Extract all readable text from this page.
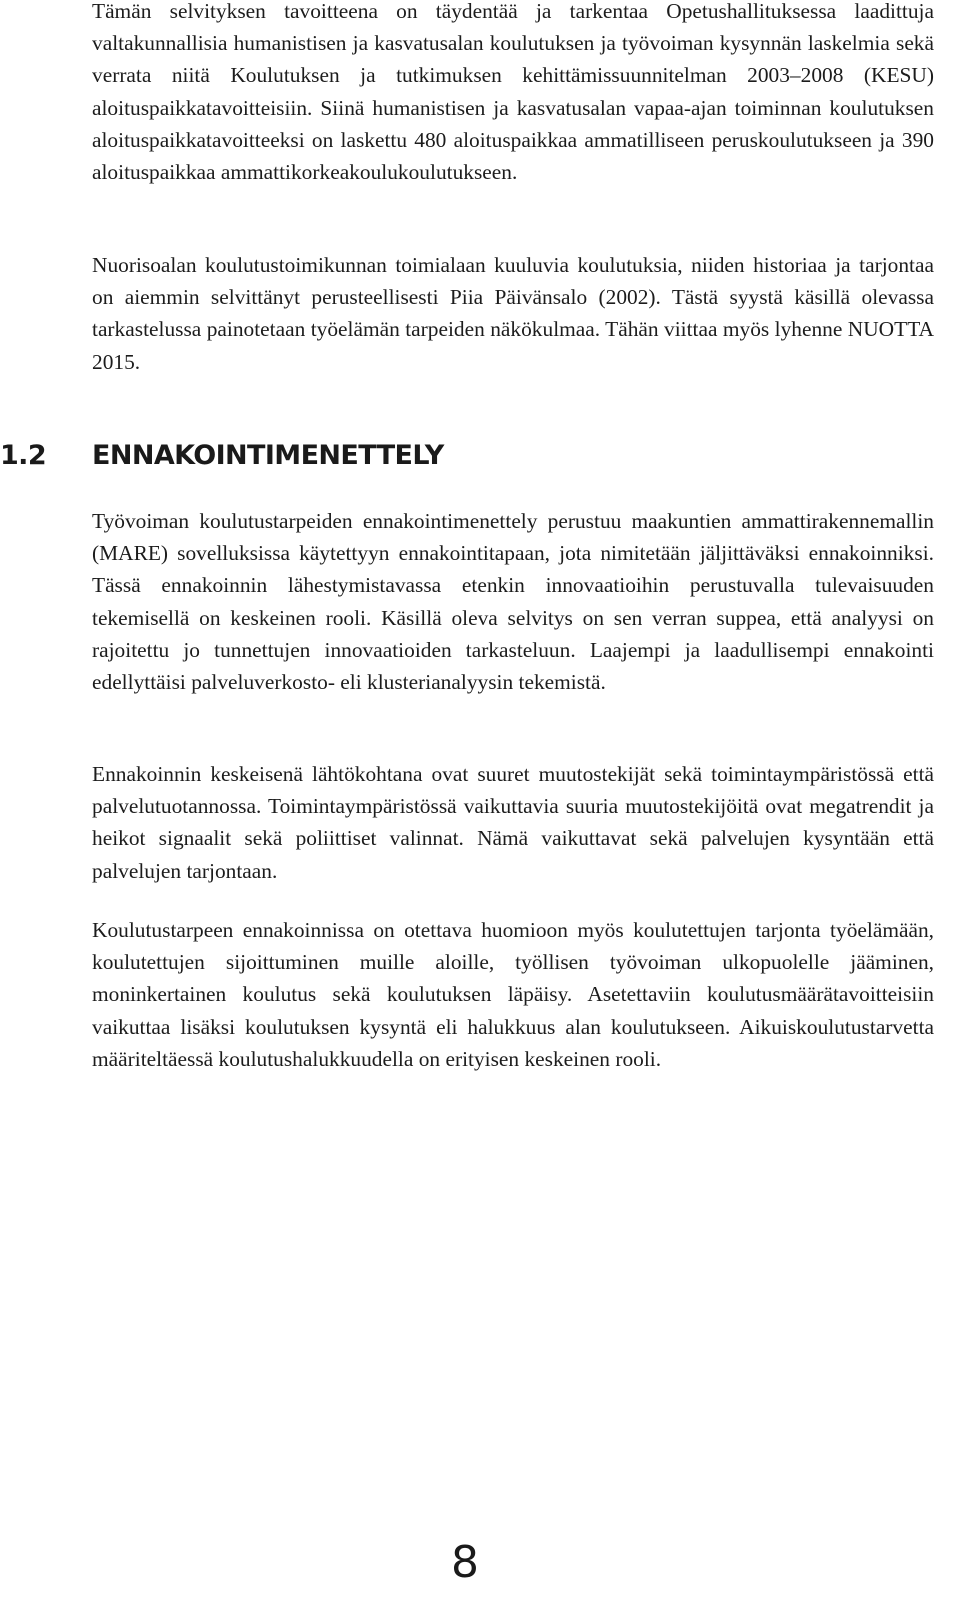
Tämän selvityksen tavoitteena on täydentää ja tarkentaa Opetushallituksessa laadittuja valtakunnallisia humanistisen ja kasvatusalan koulutuksen ja työvoiman kysynnän laskelmia sekä verrata niitä Koulutuksen ja tutkimuksen kehittämissuunnitelman 2003–2008 (KESU) aloituspaikkatavoitteisiin. Siinä humanistisen ja kasvatusalan vapaa-ajan toiminnan koulutuksen aloituspaikkatavoitteeksi on laskettu 480 aloituspaikkaa ammatilliseen peruskoulutukseen ja 390 aloituspaikkaa ammattikorkeakoulukoulutukseen.

Nuorisoalan koulutustoimikunnan toimialaan kuuluvia koulutuksia, niiden historiaa ja tarjontaa on aiemmin selvittänyt perusteellisesti Piia Päivänsalo (2002). Tästä syystä käsillä olevassa tarkastelussa painotetaan työelämän tarpeiden näkökulmaa. Tähän viittaa myös lyhenne NUOTTA 2015.

1.2 ENNAKOINTIMENETTELY

Työvoiman koulutustarpeiden ennakointimenettely perustuu maakuntien ammattirakennemallin (MARE) sovelluksissa käytettyyn ennakointitapaan, jota nimitetään jäljittäväksi ennakoinniksi. Tässä ennakoinnin lähestymistavassa etenkin innovaatioihin perustuvalla tulevaisuuden tekemisellä on keskeinen rooli. Käsillä oleva selvitys on sen verran suppea, että analyysi on rajoitettu jo tunnettujen innovaatioiden tarkasteluun. Laajempi ja laadullisempi ennakointi edellyttäisi palveluverkosto- eli klusterianalyysin tekemistä.

Ennakoinnin keskeisenä lähtökohtana ovat suuret muutostekijät sekä toimintaympäristössä että palvelutuotannossa. Toimintaympäristössä vaikuttavia suuria muutostekijöitä ovat megatrendit ja heikot signaalit sekä poliittiset valinnat. Nämä vaikuttavat sekä palvelujen kysyntään että palvelujen tarjontaan.

Koulutustarpeen ennakoinnissa on otettava huomioon myös koulutettujen tarjonta työelämään, koulutettujen sijoittuminen muille aloille, työllisen työvoiman ulkopuolelle jääminen, moninkertainen koulutus sekä koulutuksen läpäisy. Asetettaviin koulutusmäärätavoitteisiin vaikuttaa lisäksi koulutuksen kysyntä eli halukkuus alan koulutukseen. Aikuiskoulutustarvetta määriteltäessä koulutushalukkuudella on erityisen keskeinen rooli.

8
